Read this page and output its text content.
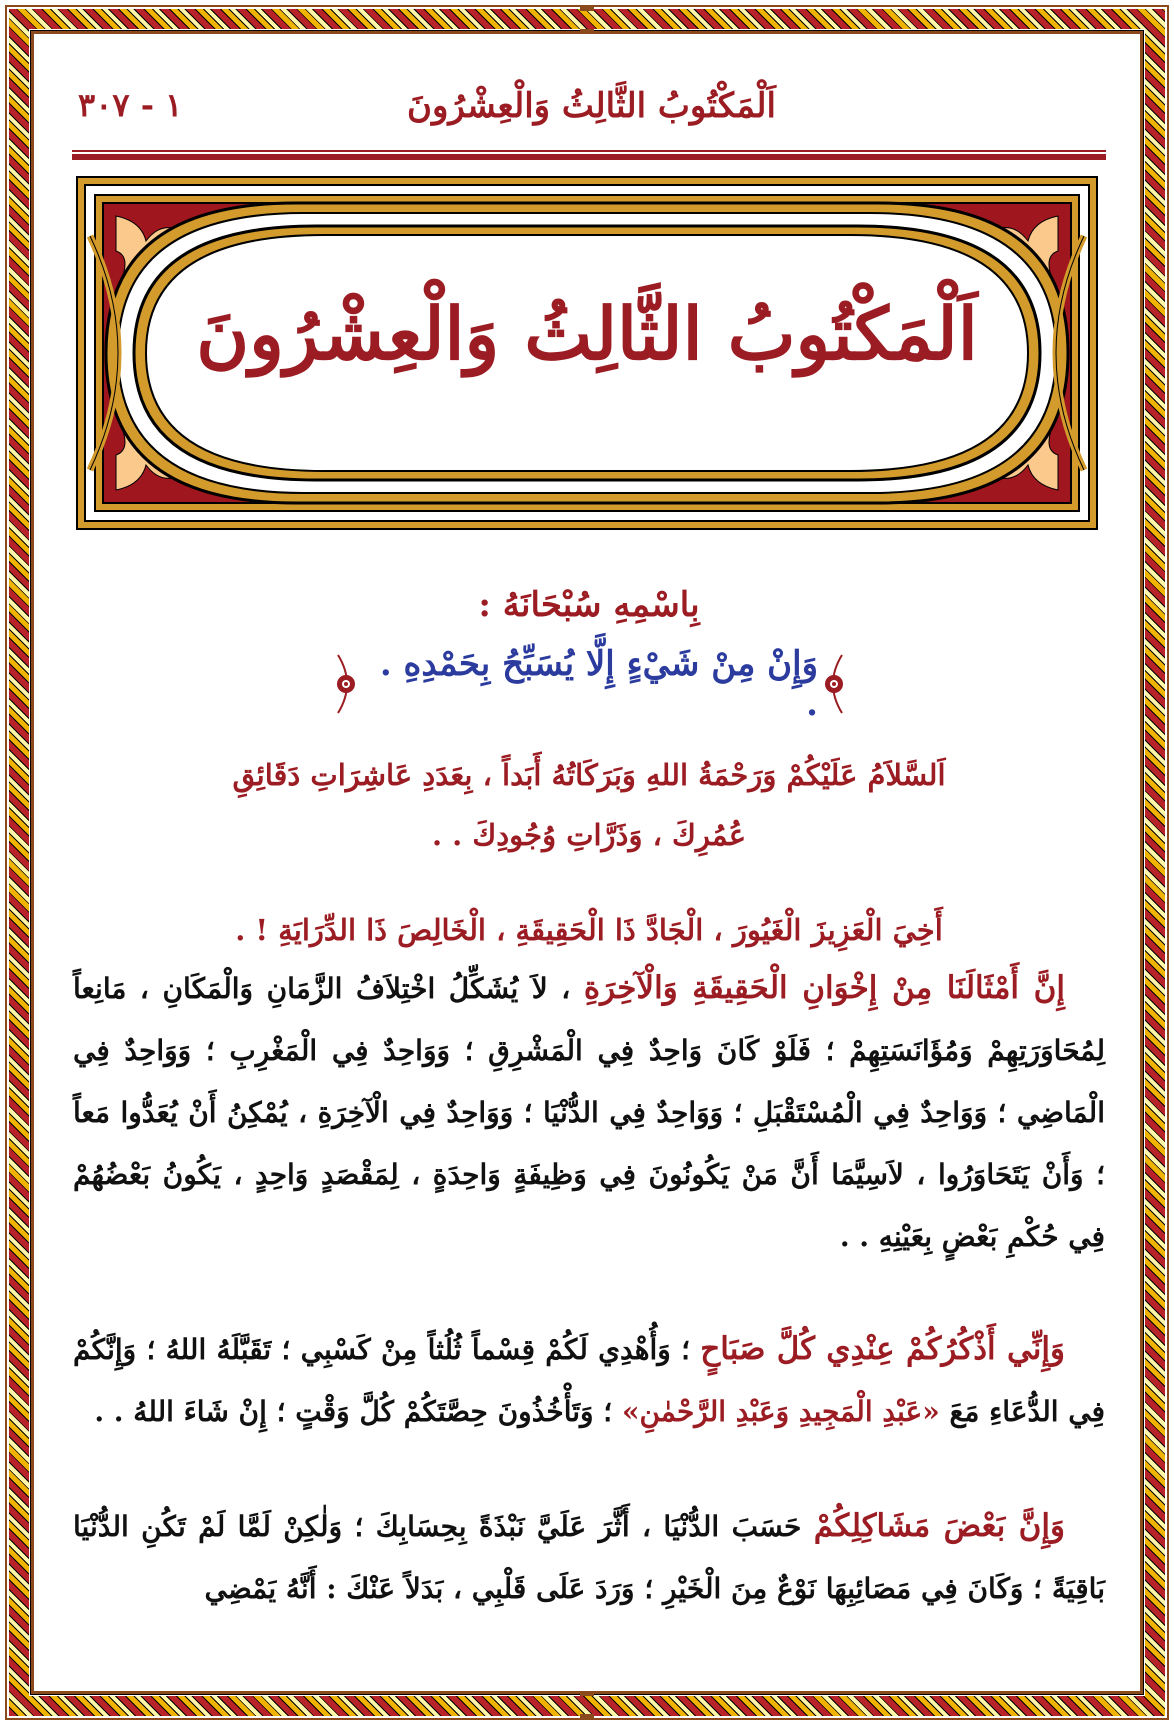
اَلْمَكْتُوبُ الثَّالِثُ وَالْعِشْرُونَ
١ - ٣٠٧
اَلْمَكْتُوبُ الثَّالِثُ وَالْعِشْرُونَ
بِاسْمِهِ سُبْحَانَهُ :
وَإِنْ مِنْ شَيْءٍ إِلَّا يُسَبِّحُ بِحَمْدِهِ . .
اَلسَّلاَمُ عَلَيْكُمْ وَرَحْمَةُ اللهِ وَبَرَكَاتُهُ أَبَداً ، بِعَدَدِ عَاشِرَاتِ دَقَائِقِ
عُمُرِكَ ، وَذَرَّاتِ وُجُودِكَ . .
أَخِيَ الْعَزِيزَ الْغَيُورَ ، الْجَادَّ ذَا الْحَقِيقَةِ ، الْخَالِصَ ذَا الدِّرَايَةِ ! .
إِنَّ أَمْثَالَنَا مِنْ إِخْوَانِ الْحَقِيقَةِ وَالْآخِرَةِ ، لاَ يُشَكِّلُ اخْتِلاَفُ الزَّمَانِ وَالْمَكَانِ ، مَانِعاً لِمُحَاوَرَتِهِمْ وَمُؤَانَسَتِهِمْ ؛ فَلَوْ كَانَ وَاحِدٌ فِي الْمَشْرِقِ ؛ وَوَاحِدٌ فِي الْمَغْرِبِ ؛ وَوَاحِدٌ فِي الْمَاضِي ؛ وَوَاحِدٌ فِي الْمُسْتَقْبَلِ ؛ وَوَاحِدٌ فِي الدُّنْيَا ؛ وَوَاحِدٌ فِي الْآخِرَةِ ، يُمْكِنُ أَنْ يُعَدُّوا مَعاً ؛ وَأَنْ يَتَحَاوَرُوا ، لاَسِيَّمَا أَنَّ مَنْ يَكُونُونَ فِي وَظِيفَةٍ وَاحِدَةٍ ، لِمَقْصَدٍ وَاحِدٍ ، يَكُونُ بَعْضُهُمْ فِي حُكْمِ بَعْضٍ بِعَيْنِهِ . .
وَإِنِّي أَذْكُرُكُمْ عِنْدِي كُلَّ صَبَاحٍ ؛ وَأُهْدِي لَكُمْ قِسْماً ثُلُثاً مِنْ كَسْبِي ؛ تَقَبَّلَهُ اللهُ ؛ وَإِنَّكُمْ فِي الدُّعَاءِ مَعَ «عَبْدِ الْمَجِيدِ وَعَبْدِ الرَّحْمٰنِ» ؛ وَتَأْخُذُونَ حِصَّتَكُمْ كُلَّ وَقْتٍ ؛ إِنْ شَاءَ اللهُ . .
وَإِنَّ بَعْضَ مَشَاكِلِكُمْ حَسَبَ الدُّنْيَا ، أَثَّرَ عَلَيَّ نَبْذَةً بِحِسَابِكَ ؛ وَلٰكِنْ لَمَّا لَمْ تَكُنِ الدُّنْيَا بَاقِيَةً ؛ وَكَانَ فِي مَصَائِبِهَا نَوْعٌ مِنَ الْخَيْرِ ؛ وَرَدَ عَلَى قَلْبِي ، بَدَلاً عَنْكَ : أَنَّهُ يَمْضِي
